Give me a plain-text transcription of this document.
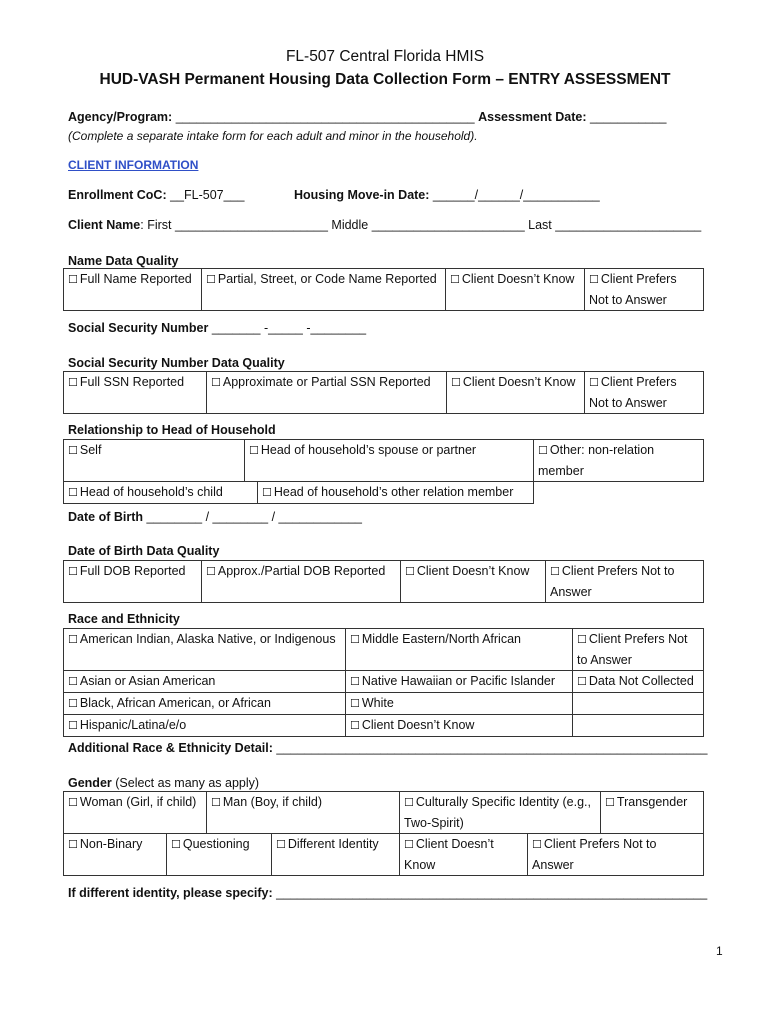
FL-507 Central Florida HMIS
HUD-VASH Permanent Housing Data Collection Form – ENTRY ASSESSMENT
Agency/Program: ___________________________________________ Assessment Date: ___________
(Complete a separate intake form for each adult and minor in the household).
CLIENT INFORMATION
Enrollment CoC: __FL-507___	Housing Move-in Date: ______/______/___________
Client Name: First ______________________ Middle ______________________ Last _____________________
Name Data Quality
☐ Full Name Reported	☐ Partial, Street, or Code Name Reported	☐ Client Doesn’t Know	☐ Client Prefers Not to Answer
Social Security Number _______ -_____ -________
Social Security Number Data Quality
☐ Full SSN Reported	☐ Approximate or Partial SSN Reported	☐ Client Doesn’t Know	☐ Client Prefers Not to Answer
Relationship to Head of Household
☐ Self	☐ Head of household’s spouse or partner		☐ Other: non-relation member
☐ Head of household’s child		☐ Head of household’s other relation member	
Date of Birth ________ / ________ / ____________
Date of Birth Data Quality
☐ Full DOB Reported	☐ Approx./Partial DOB Reported	☐ Client Doesn’t Know	☐ Client Prefers Not to Answer
Race and Ethnicity
☐ American Indian, Alaska Native, or Indigenous	☐ Middle Eastern/North African	☐ Client Prefers Not to Answer
☐ Asian or Asian American	☐ Native Hawaiian or Pacific Islander	☐ Data Not Collected
☐ Black, African American, or African	☐ White	
☐ Hispanic/Latina/e/o	☐ Client Doesn’t Know	
Additional Race & Ethnicity Detail: ______________________________________________________________
Gender (Select as many as apply)
☐ Woman (Girl, if child)		☐ Man (Boy, if child)		☐ Culturally Specific Identity (e.g., Two-Spirit)		☐ Transgender
☐ Non-Binary	☐ Questioning		☐ Different Identity	☐ Client Doesn’t Know	☐ Client Prefers Not to Answer	
If different identity, please specify: ______________________________________________________________
1
